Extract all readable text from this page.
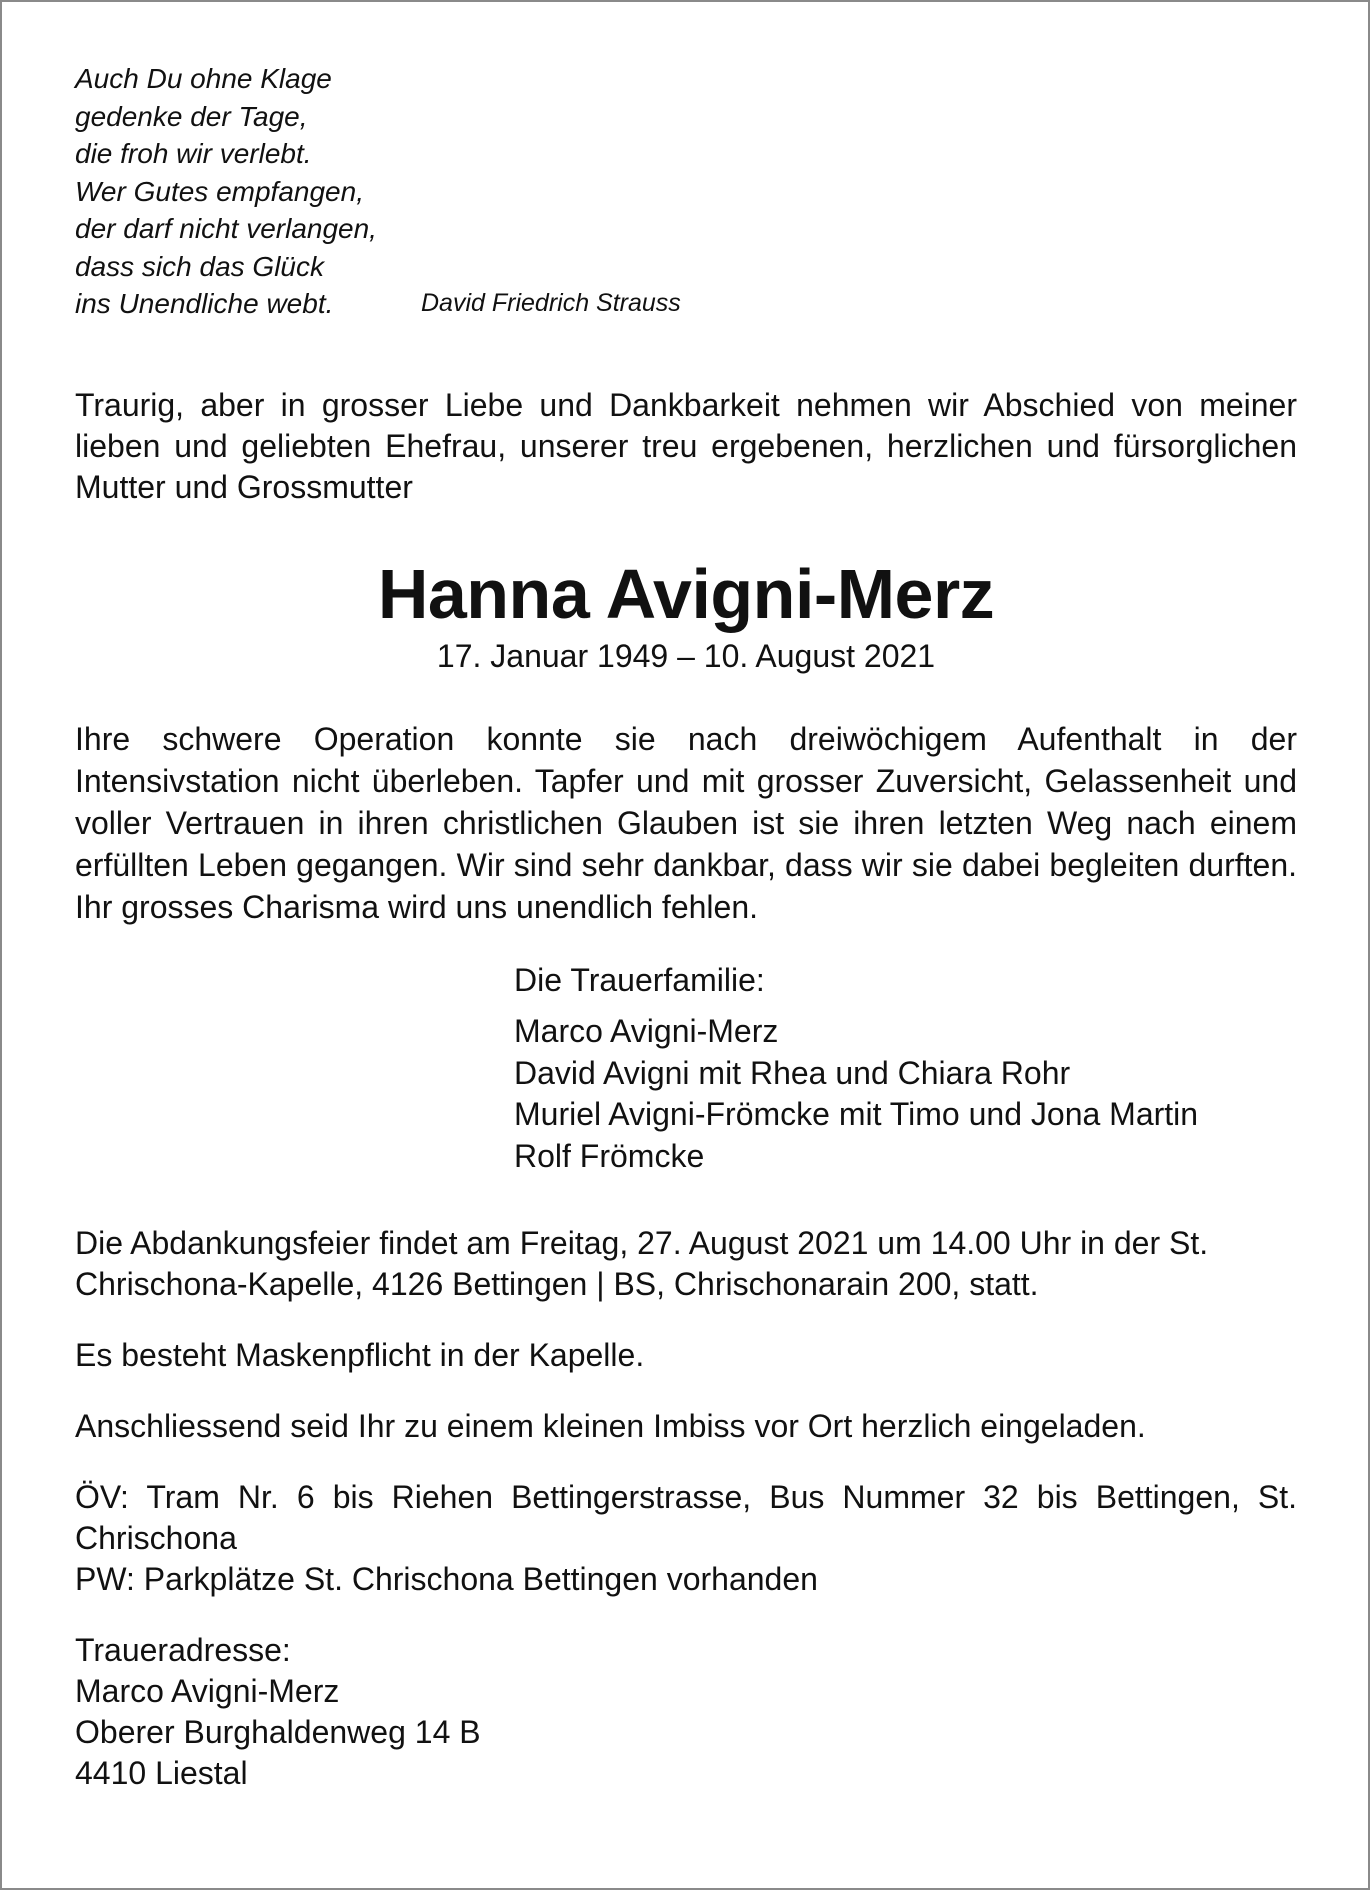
Auch Du ohne Klage
gedenke der Tage,
die froh wir verlebt.
Wer Gutes empfangen,
der darf nicht verlangen,
dass sich das Glück
ins Unendliche webt.	David Friedrich Strauss

Traurig, aber in grosser Liebe und Dankbarkeit nehmen wir Abschied von meiner lieben und geliebten Ehefrau, unserer treu ergebenen, herzlichen und fürsorglichen Mutter und Grossmutter

Hanna Avigni-Merz
17. Januar 1949 – 10. August 2021

Ihre schwere Operation konnte sie nach dreiwöchigem Aufenthalt in der Intensivstation nicht überleben. Tapfer und mit grosser Zuversicht, Gelassenheit und voller Vertrauen in ihren christlichen Glauben ist sie ihren letzten Weg nach einem erfüllten Leben gegangen. Wir sind sehr dankbar, dass wir sie dabei begleiten durften. Ihr grosses Charisma wird uns unendlich fehlen.

Die Trauerfamilie:
Marco Avigni-Merz
David Avigni mit Rhea und Chiara Rohr
Muriel Avigni-Frömcke mit Timo und Jona Martin
Rolf Frömcke
Die Abdankungsfeier findet am Freitag, 27. August 2021 um 14.00 Uhr in der St. Chrischona-Kapelle, 4126 Bettingen | BS, Chrischonarain 200, statt.
Es besteht Maskenpflicht in der Kapelle.
Anschliessend seid Ihr zu einem kleinen Imbiss vor Ort herzlich eingeladen.
ÖV: Tram Nr. 6 bis Riehen Bettingerstrasse, Bus Nummer 32 bis Bettingen, St. Chrischona
PW: Parkplätze St. Chrischona Bettingen vorhanden
Traueradresse:
Marco Avigni-Merz
Oberer Burghaldenweg 14 B
4410 Liestal
